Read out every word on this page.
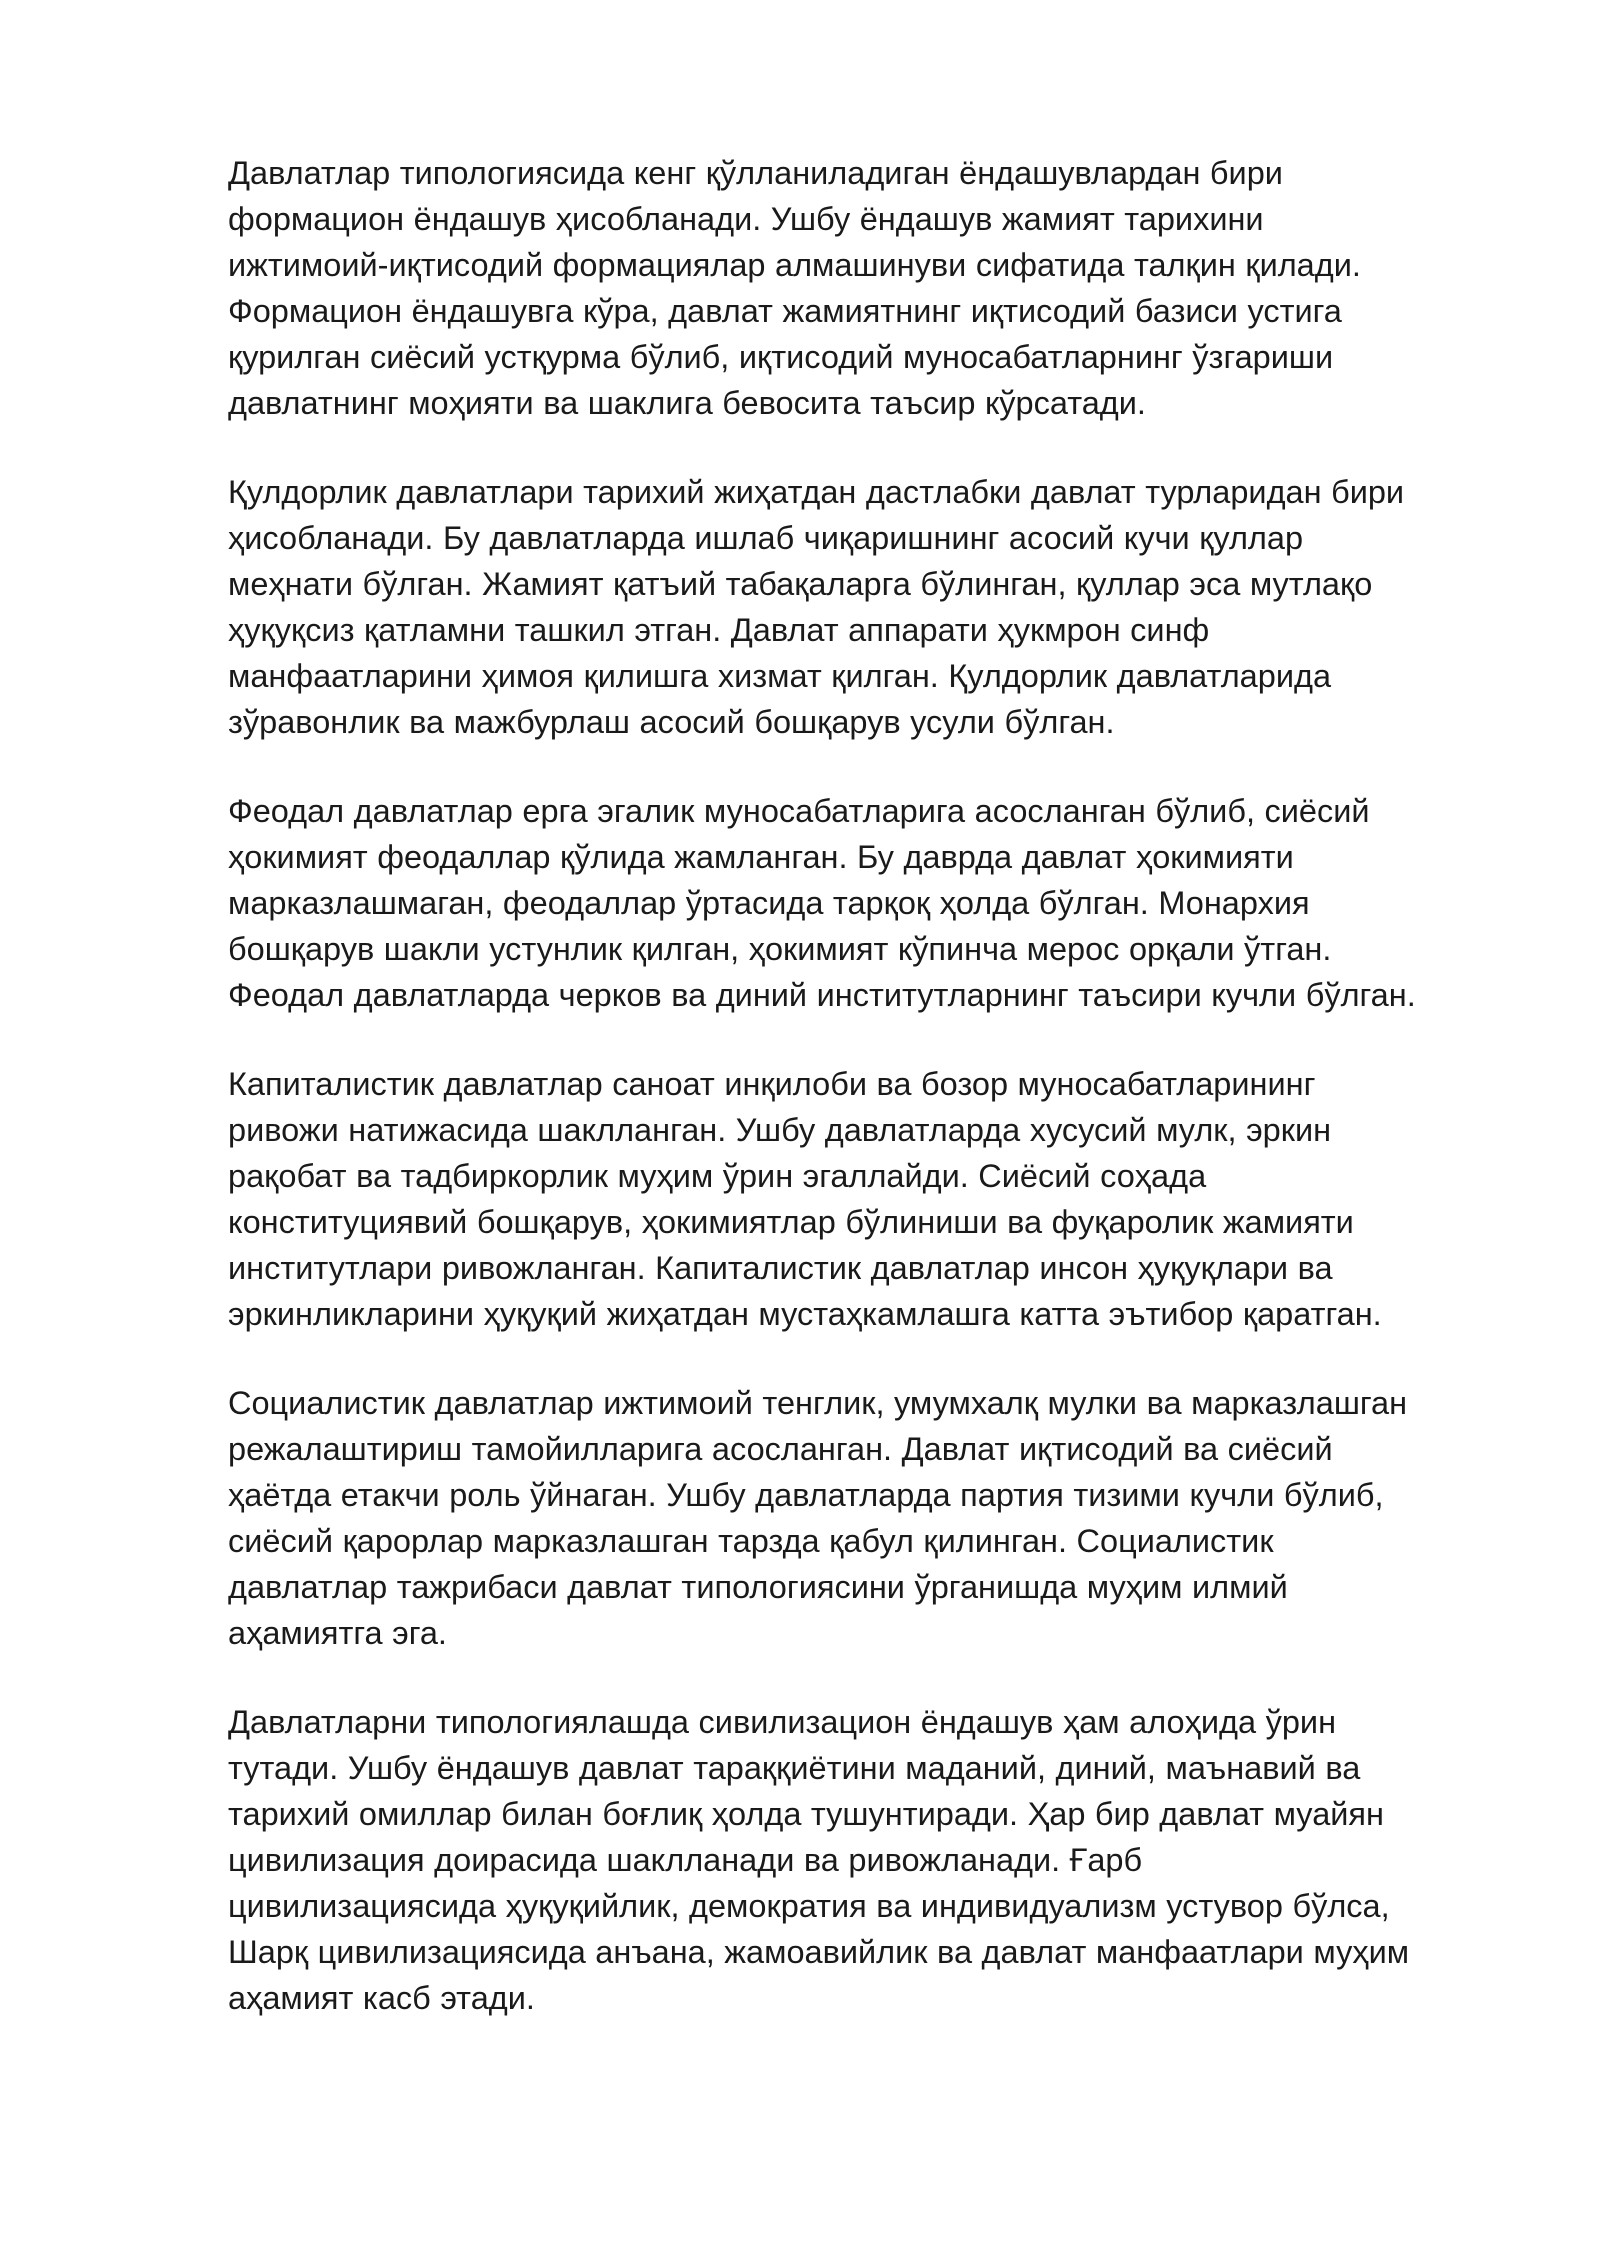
Давлатлар типологиясида кенг қўлланиладиган ёндашувлардан бири
формацион ёндашув ҳисобланади. Ушбу ёндашув жамият тарихини
ижтимоий-иқтисодий формациялар алмашинуви сифатида талқин қилади.
Формацион ёндашувга кўра, давлат жамиятнинг иқтисодий базиси устига
қурилган сиёсий устқурма бўлиб, иқтисодий муносабатларнинг ўзгариши
давлатнинг моҳияти ва шаклига бевосита таъсир кўрсатади.

Қулдорлик давлатлари тарихий жиҳатдан дастлабки давлат турларидан бири
ҳисобланади. Бу давлатларда ишлаб чиқаришнинг асосий кучи қуллар
меҳнати бўлган. Жамият қатъий табақаларга бўлинган, қуллар эса мутлақо
ҳуқуқсиз қатламни ташкил этган. Давлат аппарати ҳукмрон синф
манфаатларини ҳимоя қилишга хизмат қилган. Қулдорлик давлатларида
зўравонлик ва мажбурлаш асосий бошқарув усули бўлган.

Феодал давлатлар ерга эгалик муносабатларига асосланган бўлиб, сиёсий
ҳокимият феодаллар қўлида жамланган. Бу даврда давлат ҳокимияти
марказлашмаган, феодаллар ўртасида тарқоқ ҳолда бўлган. Монархия
бошқарув шакли устунлик қилган, ҳокимият кўпинча мерос орқали ўтган.
Феодал давлатларда черков ва диний институтларнинг таъсири кучли бўлган.

Капиталистик давлатлар саноат инқилоби ва бозор муносабатларининг
ривожи натижасида шаклланган. Ушбу давлатларда хусусий мулк, эркин
рақобат ва тадбиркорлик муҳим ўрин эгаллайди. Сиёсий соҳада
конституциявий бошқарув, ҳокимиятлар бўлиниши ва фуқаролик жамияти
институтлари ривожланган. Капиталистик давлатлар инсон ҳуқуқлари ва
эркинликларини ҳуқуқий жиҳатдан мустаҳкамлашга катта эътибор қаратган.

Социалистик давлатлар ижтимоий тенглик, умумхалқ мулки ва марказлашган
режалаштириш тамойилларига асосланган. Давлат иқтисодий ва сиёсий
ҳаётда етакчи роль ўйнаган. Ушбу давлатларда партия тизими кучли бўлиб,
сиёсий қарорлар марказлашган тарзда қабул қилинган. Социалистик
давлатлар тажрибаси давлат типологиясини ўрганишда муҳим илмий
аҳамиятга эга.

Давлатларни типологиялашда сивилизацион ёндашув ҳам алоҳида ўрин
тутади. Ушбу ёндашув давлат тараққиётини маданий, диний, маънавий ва
тарихий омиллар билан боғлиқ ҳолда тушунтиради. Ҳар бир давлат муайян
цивилизация доирасида шаклланади ва ривожланади. Ғарб
цивилизациясида ҳуқуқийлик, демократия ва индивидуализм устувор бўлса,
Шарқ цивилизациясида анъана, жамоавийлик ва давлат манфаатлари муҳим
аҳамият касб этади.
